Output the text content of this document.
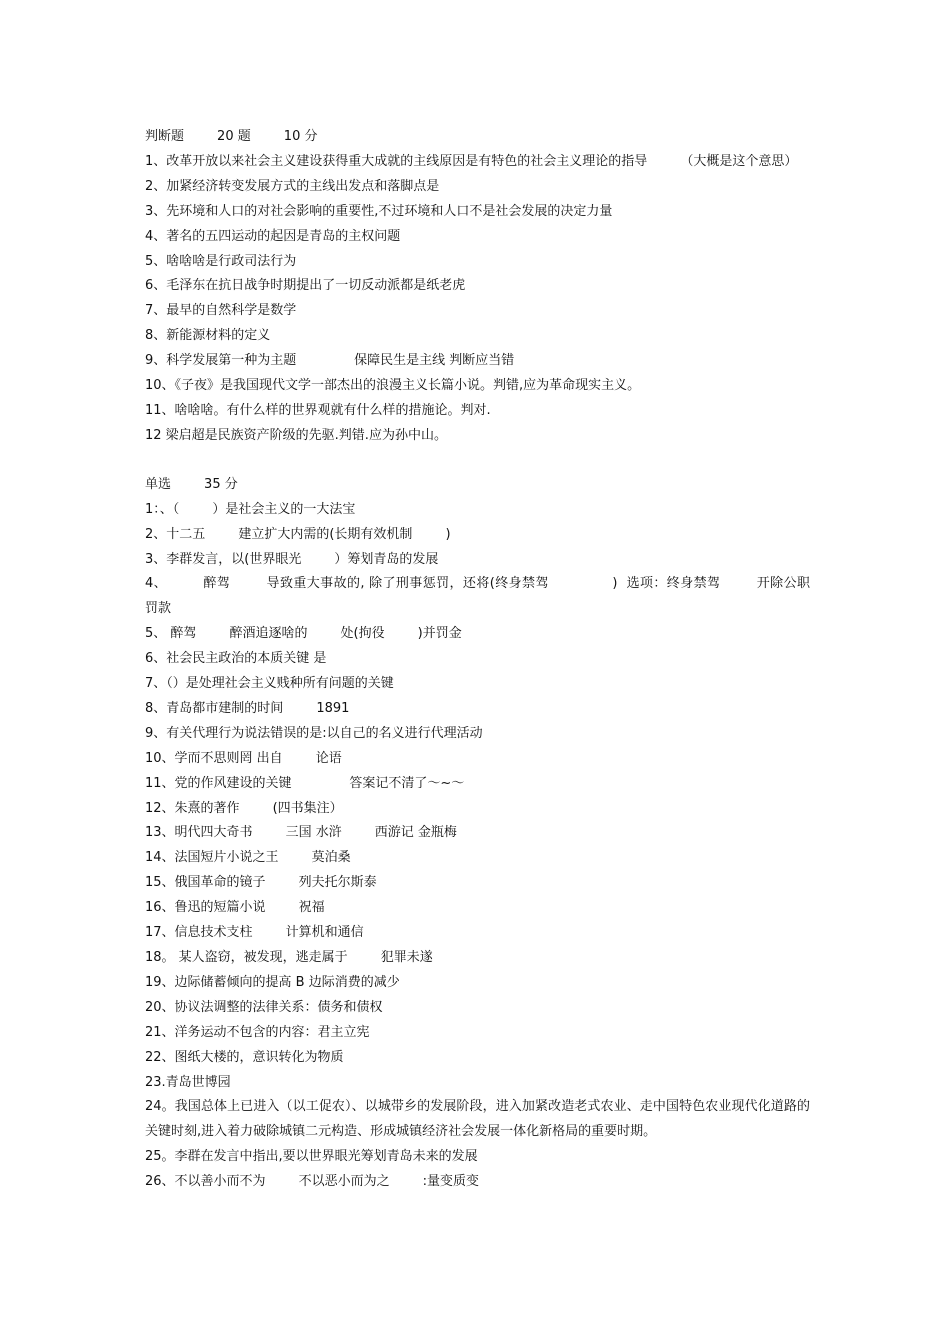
判断题        20 题        10 分
1、改革开放以来社会主义建设获得重大成就的主线原因是有特色的社会主义理论的指导        （大概是这个意思）
2、加紧经济转变发展方式的主线出发点和落脚点是
3、先环境和人口的对社会影响的重要性,不过环境和人口不是社会发展的决定力量
4、著名的五四运动的起因是青岛的主权问题
5、啥啥啥是行政司法行为
6、毛泽东在抗日战争时期提出了一切反动派都是纸老虎
7、最早的自然科学是数学
8、新能源材料的定义
9、科学发展第一种为主题              保障民生是主线 判断应当错
10、《子夜》是我国现代文学一部杰出的浪漫主义长篇小说。判错,应为革命现实主义。
11、啥啥啥。有什么样的世界观就有什么样的措施论。判对.
12 梁启超是民族资产阶级的先驱.判错.应为孙中山。
单选        35 分
1：、（        ）是社会主义的一大法宝
2、十二五        建立扩大内需的(长期有效机制        )
3、李群发言，以(世界眼光        ）筹划青岛的发展
4、        醉驾        导致重大事故的, 除了刑事惩罚，还将(终身禁驾              )  选项：终身禁驾        开除公职        罚款
5、 醉驾        醉酒追逐啥的        处(拘役        )并罚金
6、社会民主政治的本质关键 是
7、（）是处理社会主义贱种所有问题的关键
8、青岛都市建制的时间        1891
9、有关代理行为说法错误的是:以自己的名义进行代理活动
10、学而不思则罔 出自        论语
11、党的作风建设的关键              答案记不清了～~～
12、朱熹的著作        (四书集注）
13、明代四大奇书        三国 水浒        西游记 金瓶梅
14、法国短片小说之王        莫泊桑
15、俄国革命的镜子        列夫托尔斯泰
16、鲁迅的短篇小说        祝福
17、信息技术支柱        计算机和通信
18。 某人盗窃，被发现，逃走属于        犯罪未遂
19、边际储蓄倾向的提高 B 边际消费的减少
20、协议法调整的法律关系：债务和债权
21、洋务运动不包含的内容：君主立宪
22、图纸大楼的，意识转化为物质
23.青岛世博园
24。我国总体上已进入（以工促农）、以城带乡的发展阶段，进入加紧改造老式农业、走中国特色农业现代化道路的关键时刻,进入着力破除城镇二元构造、形成城镇经济社会发展一体化新格局的重要时期。
25。李群在发言中指出,要以世界眼光筹划青岛未来的发展
26、不以善小而不为        不以恶小而为之        :量变质变
